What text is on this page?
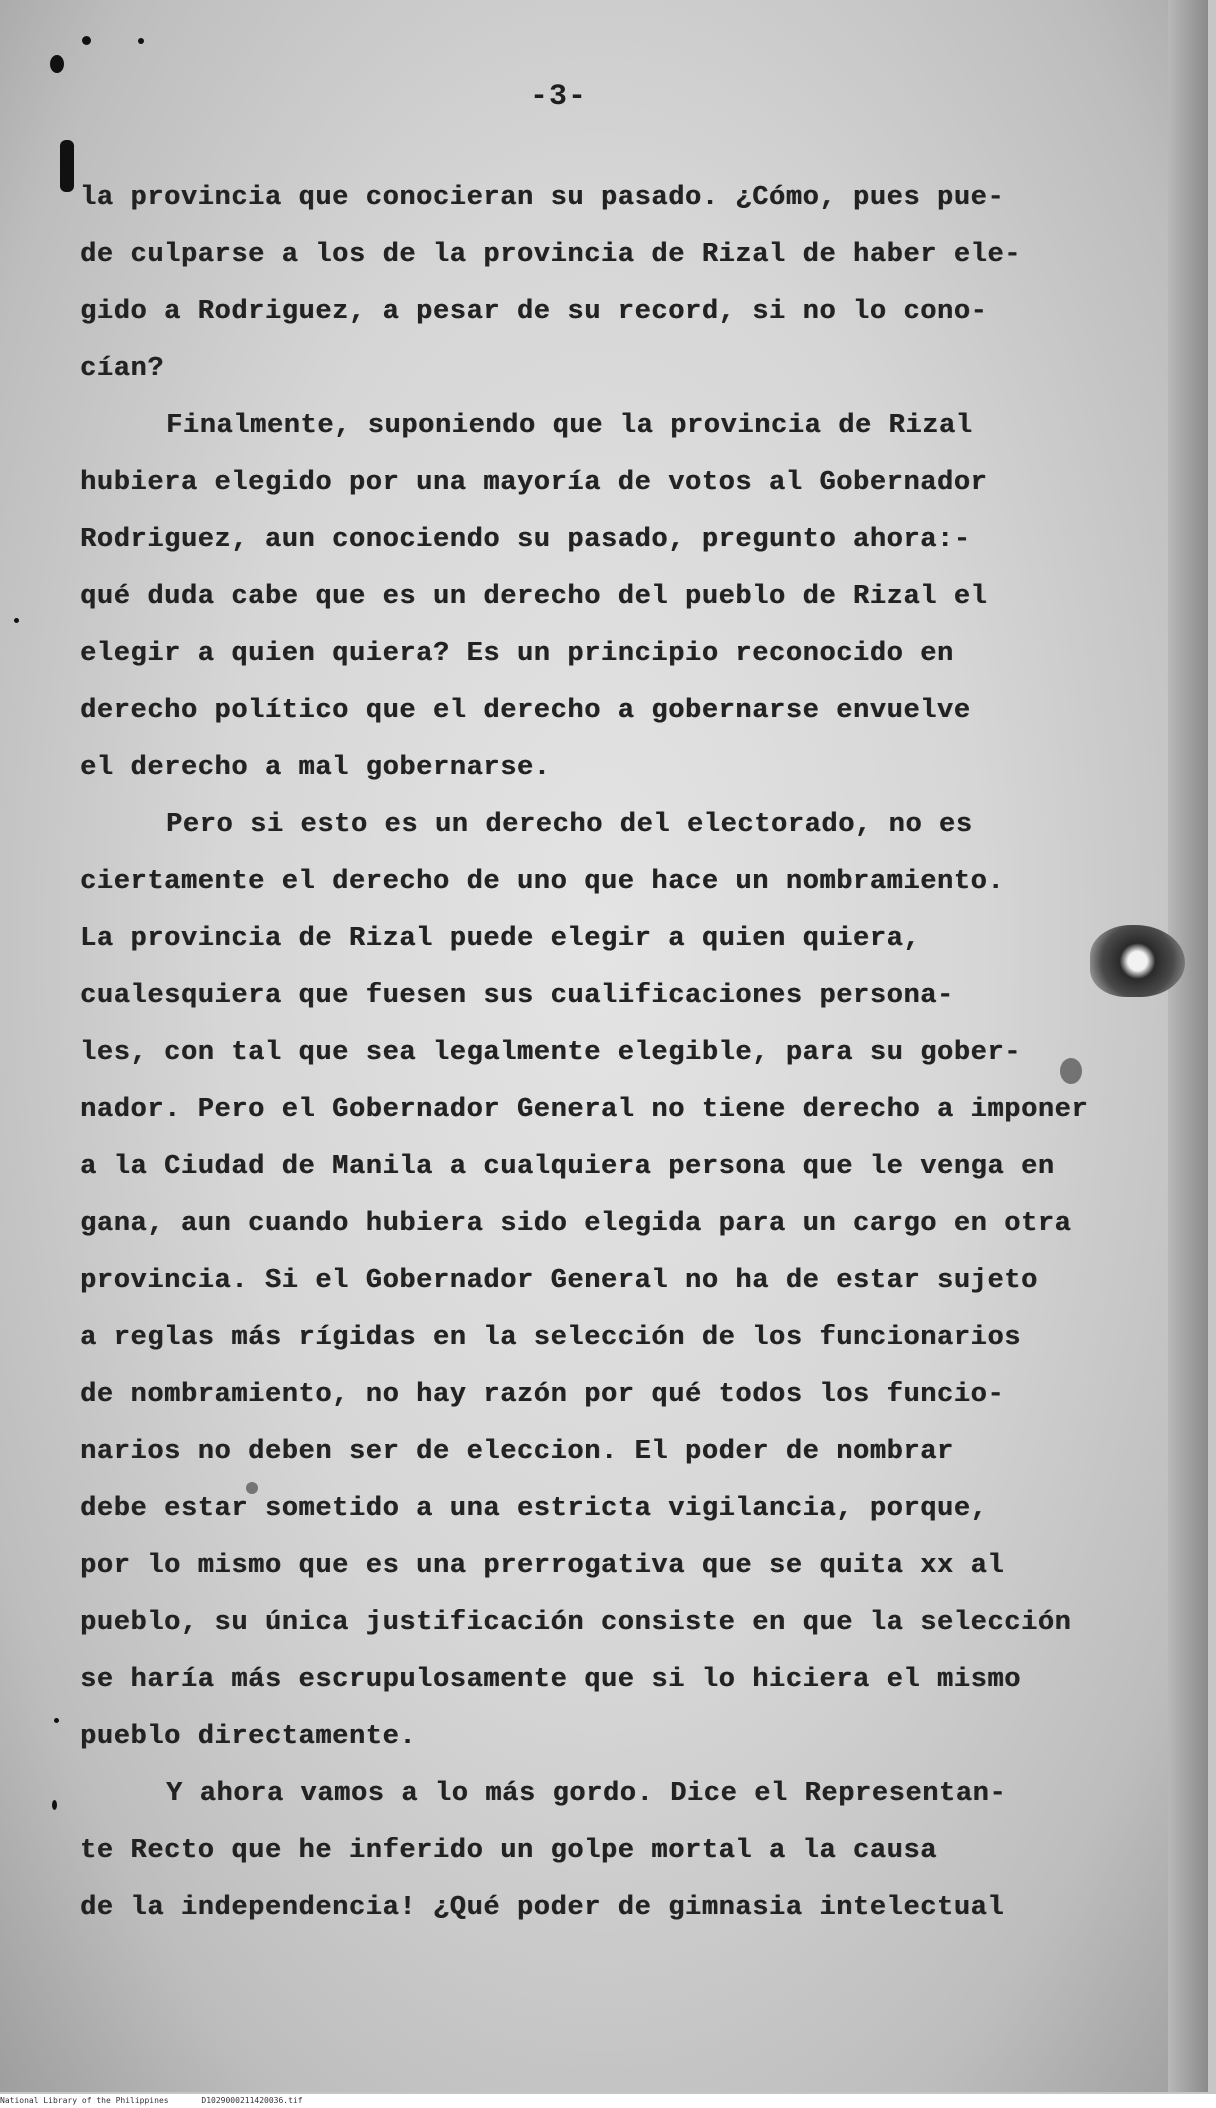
-3-
la provincia que conocieran su pasado. ¿Cómo, pues pue-
de culparse a los de la provincia de Rizal de haber ele-
gido a Rodriguez, a pesar de su record, si no lo cono-
cían?
Finalmente, suponiendo que la provincia de Rizal
hubiera elegido por una mayoría de votos al Gobernador
Rodriguez, aun conociendo su pasado, pregunto ahora:-
qué duda cabe que es un derecho del pueblo de Rizal el
elegir a quien quiera? Es un principio reconocido en
derecho político que el derecho a gobernarse envuelve
el derecho a mal gobernarse.
Pero si esto es un derecho del electorado, no es
ciertamente el derecho de uno que hace un nombramiento.
La provincia de Rizal puede elegir a quien quiera,
cualesquiera que fuesen sus cualificaciones persona-
les, con tal que sea legalmente elegible, para su gober-
nador. Pero el Gobernador General no tiene derecho a imponer
a la Ciudad de Manila a cualquiera persona que le venga en
gana, aun cuando hubiera sido elegida para un cargo en otra
provincia. Si el Gobernador General no ha de estar sujeto
a reglas más rígidas en la selección de los funcionarios
de nombramiento, no hay razón por qué todos los funcio-
narios no deben ser de eleccion. El poder de nombrar
debe estar sometido a una estricta vigilancia, porque,
por lo mismo que es una prerrogativa que se quita xx al
pueblo, su única justificación consiste en que la selección
se haría más escrupulosamente que si lo hiciera el mismo
pueblo directamente.
Y ahora vamos a lo más gordo. Dice el Representan-
te Recto que he inferido un golpe mortal a la causa
de la independencia! ¿Qué poder de gimnasia intelectual
National Library of the Philippines	D1029000211420036.tif
